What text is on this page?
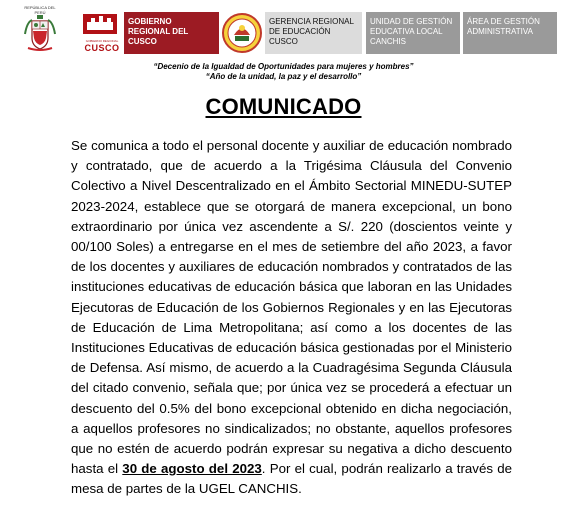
REPÚBLICA DEL PERÚ
GOBIERNO REGIONAL
CUSCO
GOBIERNO REGIONAL DEL CUSCO
GERENCIA REGIONAL DE EDUCACIÓN CUSCO
UNIDAD DE GESTIÓN EDUCATIVA LOCAL CANCHIS
ÁREA DE GESTIÓN ADMINISTRATIVA
“Decenio de la Igualdad de Oportunidades para mujeres y hombres”
“Año de la unidad, la paz y el desarrollo”
COMUNICADO

Se comunica a todo el personal docente y auxiliar de educación nombrado y contratado, que de acuerdo a la Trigésima Cláusula del Convenio Colectivo a Nivel Descentralizado en el Ámbito Sectorial MINEDU-SUTEP 2023-2024, establece que se otorgará de manera excepcional, un bono extraordinario por única vez ascendente a S/. 220 (doscientos veinte y 00/100 Soles) a entregarse en el mes de setiembre del año 2023, a favor de los docentes y auxiliares de educación nombrados y contratados de las instituciones educativas de educación básica que laboran en las Unidades Ejecutoras de Educación de los Gobiernos Regionales y en las Ejecutoras de Educación de Lima Metropolitana; así como a los docentes de las Instituciones Educativas de educación básica gestionadas por el Ministerio de Defensa. Así mismo, de acuerdo a la Cuadragésima Segunda Cláusula del citado convenio, señala que; por única vez se procederá a efectuar un descuento del 0.5% del bono excepcional obtenido en dicha negociación, a aquellos profesores no sindicalizados; no obstante, aquellos profesores que no estén de acuerdo podrán expresar su negativa a dicho descuento hasta el 30 de agosto del 2023. Por el cual, podrán realizarlo a través de mesa de partes de la UGEL CANCHIS.
